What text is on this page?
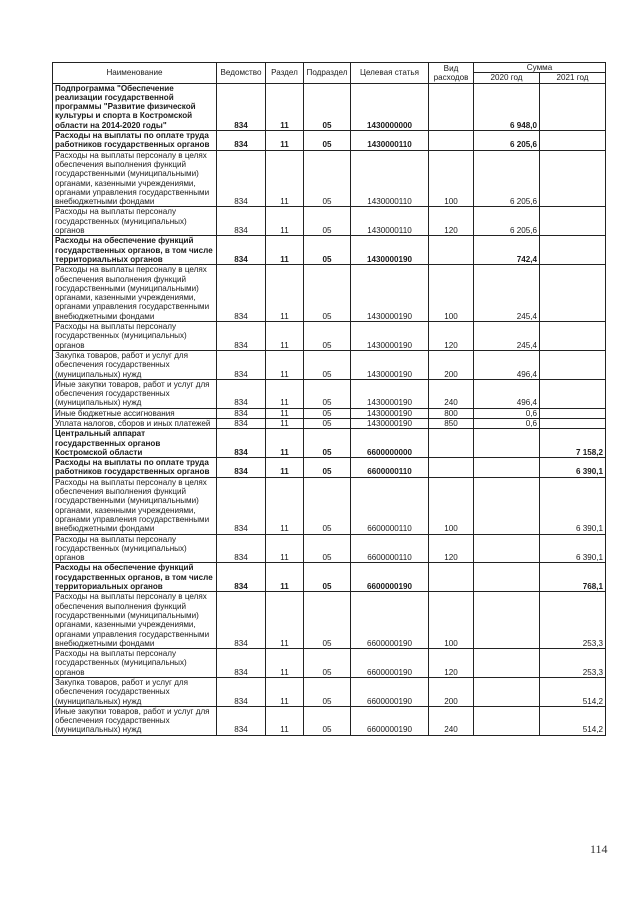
Наименование	Ведомство	Раздел	Подраздел	Целевая статья	Вид расходов	Сумма	
						2020 год	2021 год
Подпрограмма "Обеспечение реализации государственной программы "Развитие физической культуры и спорта в Костромской области на 2014-2020 годы"	834	11	05	1430000000		6 948,0	
Расходы на выплаты по оплате труда работников государственных органов	834	11	05	1430000110		6 205,6	
Расходы на выплаты персоналу в целях обеспечения выполнения функций государственными (муниципальными) органами, казенными учреждениями, органами управления государственными внебюджетными фондами	834	11	05	1430000110	100	6 205,6	
Расходы на выплаты персоналу государственных (муниципальных) органов	834	11	05	1430000110	120	6 205,6	
Расходы на обеспечение функций государственных органов, в том числе территориальных органов	834	11	05	1430000190		742,4	
Расходы на выплаты персоналу в целях обеспечения выполнения функций государственными (муниципальными) органами, казенными учреждениями, органами управления государственными внебюджетными фондами	834	11	05	1430000190	100	245,4	
Расходы на выплаты персоналу государственных (муниципальных) органов	834	11	05	1430000190	120	245,4	
Закупка товаров, работ и услуг для обеспечения государственных (муниципальных) нужд	834	11	05	1430000190	200	496,4	
Иные закупки товаров, работ и услуг для обеспечения государственных (муниципальных) нужд	834	11	05	1430000190	240	496,4	
Иные бюджетные ассигнования	834	11	05	1430000190	800	0,6	
Уплата налогов, сборов и иных платежей	834	11	05	1430000190	850	0,6	
Центральный аппарат государственных органов Костромской области	834	11	05	6600000000			7 158,2
Расходы на выплаты по оплате труда работников государственных органов	834	11	05	6600000110			6 390,1
Расходы на выплаты персоналу в целях обеспечения выполнения функций государственными (муниципальными) органами, казенными учреждениями, органами управления государственными внебюджетными фондами	834	11	05	6600000110	100		6 390,1
Расходы на выплаты персоналу государственных (муниципальных) органов	834	11	05	6600000110	120		6 390,1
Расходы на обеспечение функций государственных органов, в том числе территориальных органов	834	11	05	6600000190			768,1
Расходы на выплаты персоналу в целях обеспечения выполнения функций государственными (муниципальными) органами, казенными учреждениями, органами управления государственными внебюджетными фондами	834	11	05	6600000190	100		253,3
Расходы на выплаты персоналу государственных (муниципальных) органов	834	11	05	6600000190	120		253,3
Закупка товаров, работ и услуг для обеспечения государственных (муниципальных) нужд	834	11	05	6600000190	200		514,2
Иные закупки товаров, работ и услуг для обеспечения государственных (муниципальных) нужд	834	11	05	6600000190	240		514,2
114
